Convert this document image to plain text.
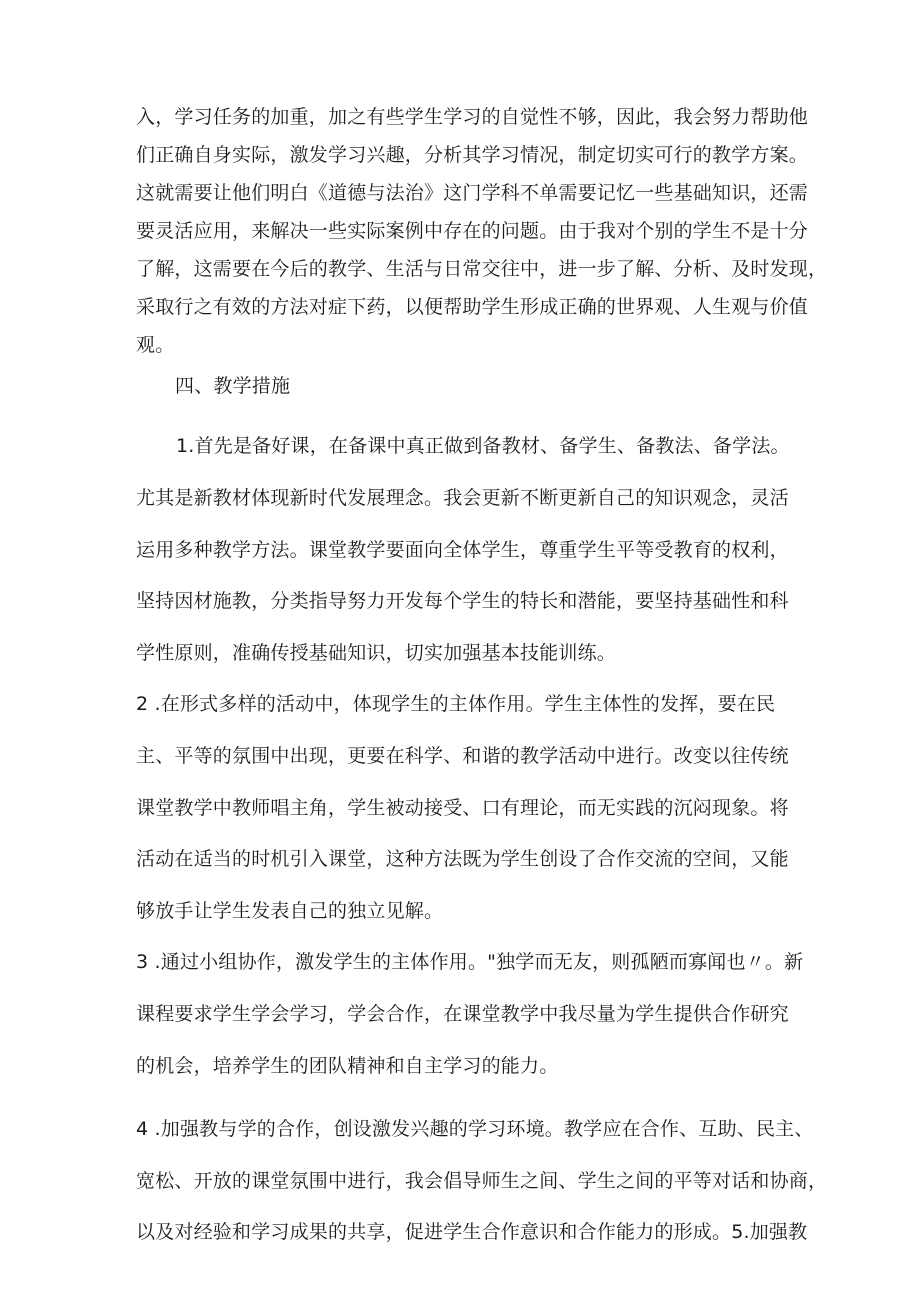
入，学习任务的加重，加之有些学生学习的自觉性不够，因此，我会努力帮助他
们正确自身实际，激发学习兴趣，分析其学习情况，制定切实可行的教学方案。
这就需要让他们明白《道德与法治》这门学科不单需要记忆一些基础知识，还需
要灵活应用，来解决一些实际案例中存在的问题。由于我对个别的学生不是十分
了解，这需要在今后的教学、生活与日常交往中，进一步了解、分析、及时发现，
采取行之有效的方法对症下药，以便帮助学生形成正确的世界观、人生观与价值
观。
四、教学措施
1.首先是备好课，在备课中真正做到备教材、备学生、备教法、备学法。
尤其是新教材体现新时代发展理念。我会更新不断更新自己的知识观念，灵活
运用多种教学方法。课堂教学要面向全体学生，尊重学生平等受教育的权利，
坚持因材施教，分类指导努力开发每个学生的特长和潜能，要坚持基础性和科
学性原则，准确传授基础知识，切实加强基本技能训练。
2 .在形式多样的活动中，体现学生的主体作用。学生主体性的发挥，要在民
主、平等的氛围中出现，更要在科学、和谐的教学活动中进行。改变以往传统
课堂教学中教师唱主角，学生被动接受、口有理论，而无实践的沉闷现象。将
活动在适当的时机引入课堂，这种方法既为学生创设了合作交流的空间，又能
够放手让学生发表自己的独立见解。
3 .通过小组协作，激发学生的主体作用。"独学而无友，则孤陋而寡闻也〃。新
课程要求学生学会学习，学会合作，在课堂教学中我尽量为学生提供合作研究
的机会，培养学生的团队精神和自主学习的能力。
4 .加强教与学的合作，创设激发兴趣的学习环境。教学应在合作、互助、民主、
宽松、开放的课堂氛围中进行，我会倡导师生之间、学生之间的平等对话和协商，
以及对经验和学习成果的共享，促进学生合作意识和合作能力的形成。5.加强教
